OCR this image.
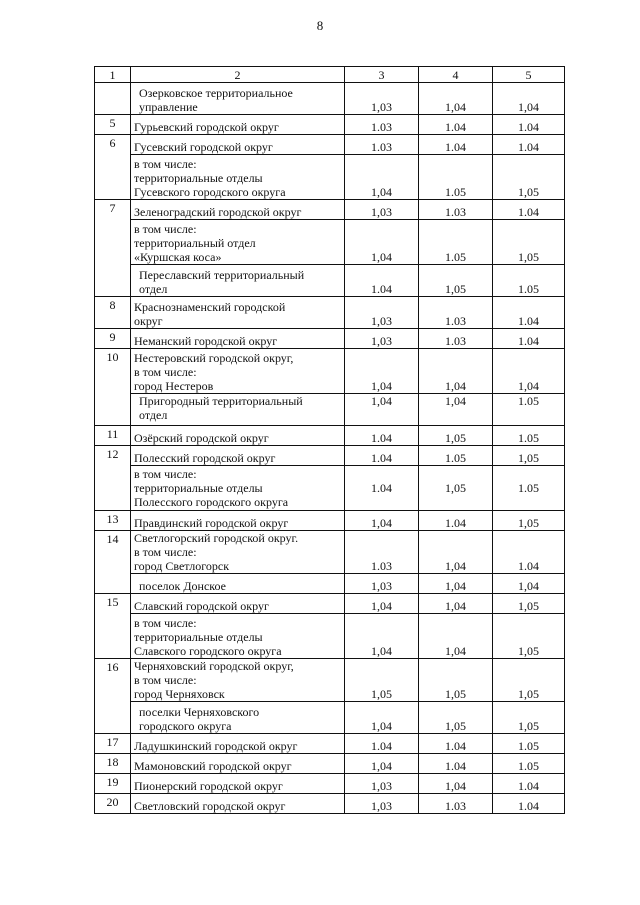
8
1	2	3	4	5
	Озерковское территориальное
управление	1,03	1,04	1,04
5	Гурьевский городской округ	1.03	1.04	1.04
6	Гусевский городской округ	1.03	1.04	1.04
	в том числе:
территориальные отделы
Гусевского городского округа	1,04	1.05	1,05
7	Зеленоградский городской округ	1,03	1.03	1.04
	в том числе:
территориальный отдел
«Куршская коса»	1,04	1.05	1,05
	Переславский территориальный
отдел	1.04	1,05	1.05
8	Краснознаменский городской
округ	1,03	1.03	1.04
9	Неманский городской округ	1,03	1.03	1.04
10	Нестеровский городской округ,
в том числе:
город Нестеров	1,04	1,04	1,04
	Пригородный территориальный
отдел	1,04	1,04	1.05
11	Озёрский городской округ	1.04	1,05	1.05
12	Полесский городской округ	1.04	1.05	1,05
	в том числе:
территориальные отделы
Полесского городского округа	1.04	1,05	1.05
13	Правдинский городской округ	1,04	1.04	1,05
14	Светлогорский городской округ.
в том числе:
город Светлогорск	1.03	1,04	1.04
	поселок Донское	1,03	1,04	1,04
15	Славский городской округ	1,04	1,04	1,05
	в том числе:
территориальные отделы
Славского городского округа	1,04	1,04	1,05
16	Черняховский городской округ,
в том числе:
город Черняховск	1,05	1,05	1,05
	поселки Черняховского
городского округа	1,04	1,05	1,05
17	Ладушкинский городской округ	1.04	1.04	1.05
18	Мамоновский городской округ	1,04	1.04	1.05
19	Пионерский городской округ	1,03	1,04	1.04
20	Светловский городской округ	1,03	1.03	1.04
